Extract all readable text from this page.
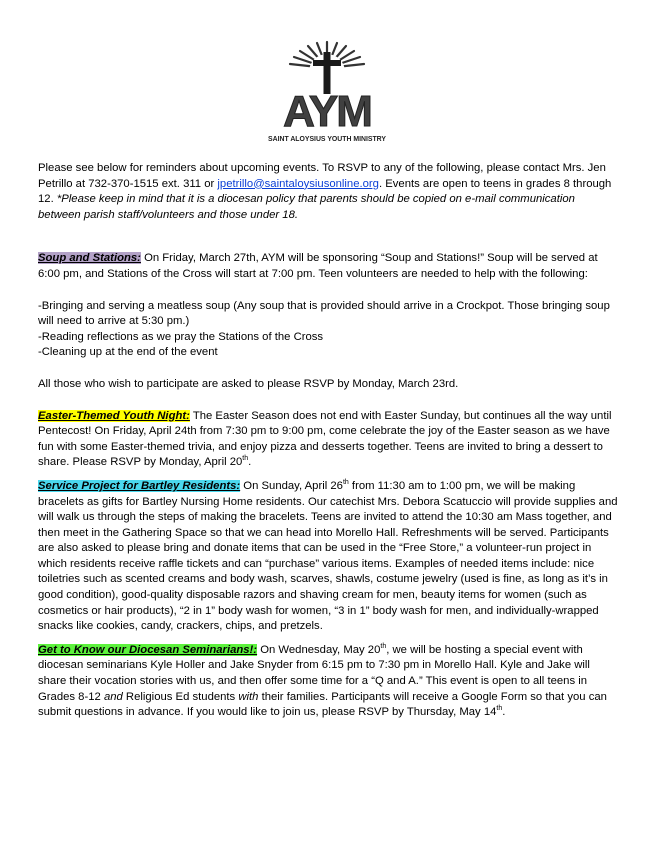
AYM
SAINT ALOYSIUS YOUTH MINISTRY

Please see below for reminders about upcoming events. To RSVP to any of the following, please contact Mrs. Jen Petrillo at 732-370-1515 ext. 311 or jpetrillo@saintaloysiusonline.org. Events are open to teens in grades 8 through 12. *Please keep in mind that it is a diocesan policy that parents should be copied on e-mail communication between parish staff/volunteers and those under 18.

Soup and Stations: On Friday, March 27th, AYM will be sponsoring “Soup and Stations!” Soup will be served at 6:00 pm, and Stations of the Cross will start at 7:00 pm. Teen volunteers are needed to help with the following:

-Bringing and serving a meatless soup (Any soup that is provided should arrive in a Crockpot. Those bringing soup will need to arrive at 5:30 pm.)

-Reading reflections as we pray the Stations of the Cross

-Cleaning up at the end of the event

All those who wish to participate are asked to please RSVP by Monday, March 23rd.

Easter-Themed Youth Night: The Easter Season does not end with Easter Sunday, but continues all the way until Pentecost! On Friday, April 24th from 7:30 pm to 9:00 pm, come celebrate the joy of the Easter season as we have fun with some Easter-themed trivia, and enjoy pizza and desserts together. Teens are invited to bring a dessert to share. Please RSVP by Monday, April 20th.

Service Project for Bartley Residents: On Sunday, April 26th from 11:30 am to 1:00 pm, we will be making bracelets as gifts for Bartley Nursing Home residents. Our catechist Mrs. Debora Scatuccio will provide supplies and will walk us through the steps of making the bracelets. Teens are invited to attend the 10:30 am Mass together, and then meet in the Gathering Space so that we can head into Morello Hall. Refreshments will be served. Participants are also asked to please bring and donate items that can be used in the “Free Store,” a volunteer-run project in which residents receive raffle tickets and can “purchase” various items. Examples of needed items include: nice toiletries such as scented creams and body wash, scarves, shawls, costume jewelry (used is fine, as long as it’s in good condition), good-quality disposable razors and shaving cream for men, beauty items for women (such as cosmetics or hair products), “2 in 1” body wash for women, “3 in 1” body wash for men, and individually-wrapped snacks like cookies, candy, crackers, chips, and pretzels.

Get to Know our Diocesan Seminarians!: On Wednesday, May 20th, we will be hosting a special event with diocesan seminarians Kyle Holler and Jake Snyder from 6:15 pm to 7:30 pm in Morello Hall. Kyle and Jake will share their vocation stories with us, and then offer some time for a “Q and A.” This event is open to all teens in Grades 8-12 and Religious Ed students with their families. Participants will receive a Google Form so that you can submit questions in advance. If you would like to join us, please RSVP by Thursday, May 14th.
